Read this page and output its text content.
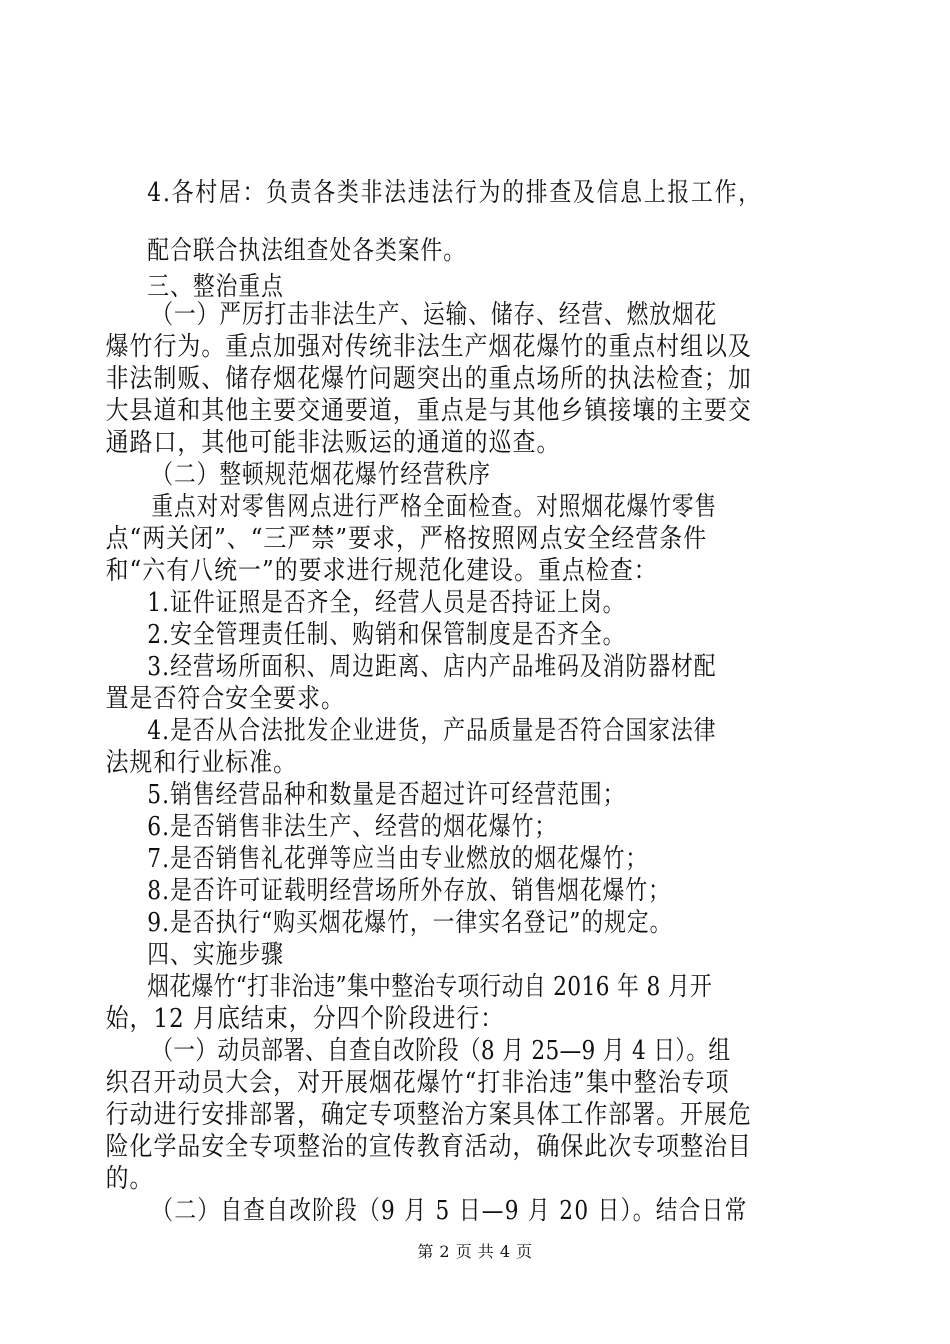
4.各村居：负责各类非法违法行为的排查及信息上报工作，
配合联合执法组查处各类案件。
三、整治重点
（一）严厉打击非法生产、运输、储存、经营、燃放烟花
爆竹行为。重点加强对传统非法生产烟花爆竹的重点村组以及
非法制贩、储存烟花爆竹问题突出的重点场所的执法检查；加
大县道和其他主要交通要道，重点是与其他乡镇接壤的主要交
通路口，其他可能非法贩运的通道的巡查。
（二）整顿规范烟花爆竹经营秩序
重点对对零售网点进行严格全面检查。对照烟花爆竹零售
点“两关闭”、“三严禁”要求，严格按照网点安全经营条件
和“六有八统一”的要求进行规范化建设。重点检查：
1.证件证照是否齐全，经营人员是否持证上岗。
2.安全管理责任制、购销和保管制度是否齐全。
3.经营场所面积、周边距离、店内产品堆码及消防器材配
置是否符合安全要求。
4.是否从合法批发企业进货，产品质量是否符合国家法律
法规和行业标准。
5.销售经营品种和数量是否超过许可经营范围；
6.是否销售非法生产、经营的烟花爆竹；
7.是否销售礼花弹等应当由专业燃放的烟花爆竹；
8.是否许可证载明经营场所外存放、销售烟花爆竹；
9.是否执行“购买烟花爆竹，一律实名登记”的规定。
四、实施步骤
烟花爆竹“打非治违”集中整治专项行动自 2016 年 8 月开
始，12 月底结束，分四个阶段进行：
（一）动员部署、自查自改阶段（8 月 25—9 月 4 日）。组
织召开动员大会，对开展烟花爆竹“打非治违”集中整治专项
行动进行安排部署，确定专项整治方案具体工作部署。开展危
险化学品安全专项整治的宣传教育活动，确保此次专项整治目
的。
（二）自查自改阶段（9 月 5 日—9 月 20 日）。结合日常
第 2 页 共 4 页
